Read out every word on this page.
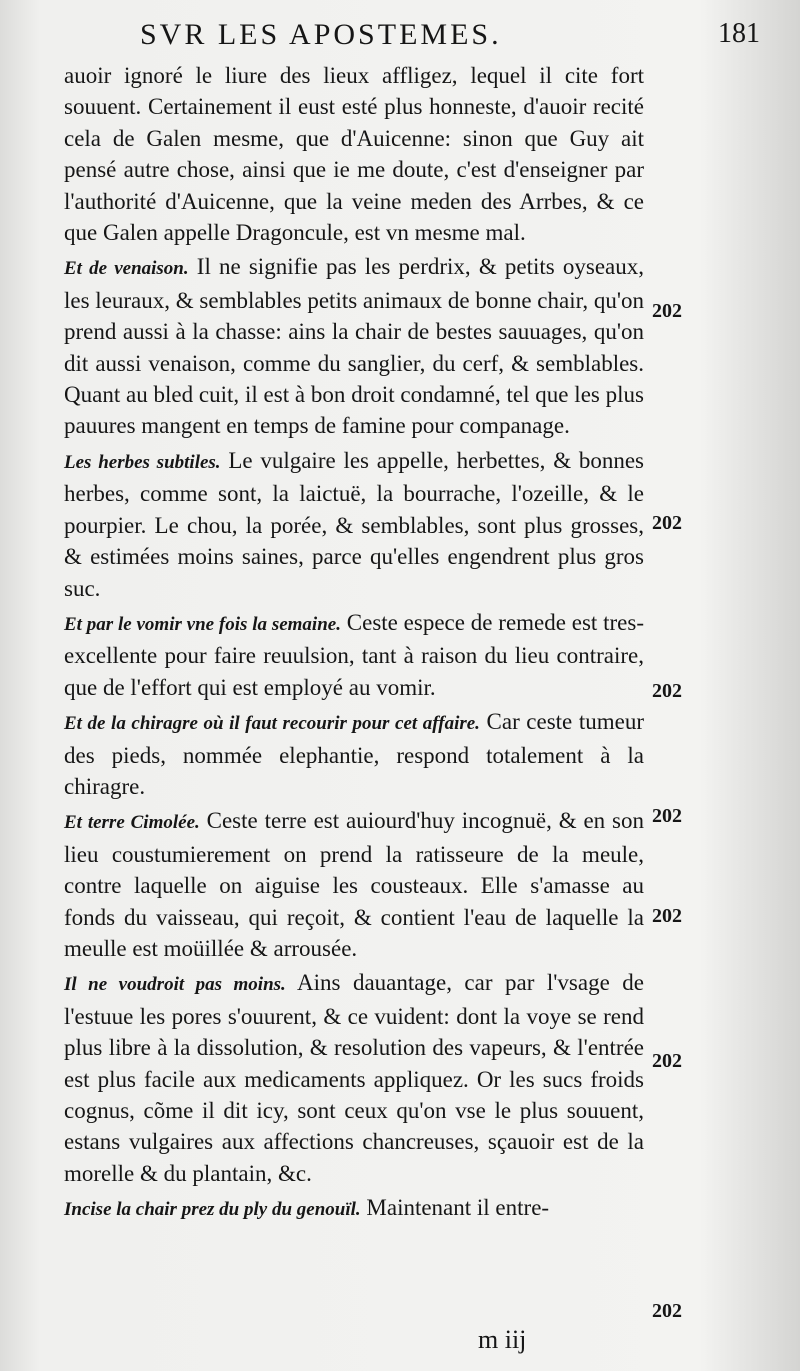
SVR LES APOSTEMES.	181

auoir ignoré le liure des lieux affligez, lequel il cite fort souuent. Certainement il eust esté plus honneste, d'auoir recité cela de Galen mesme, que d'Auicenne: sinon que Guy ait pensé autre chose, ainsi que ie me doute, c'est d'enseigner par l'authorité d'Auicenne, que la veine meden des Arrbes, & ce que Galen appelle Dragoncule, est vn mesme mal.

Et de venaison. Il ne signifie pas les perdrix, & petits oyseaux, les leuraux, & semblables petits animaux de bonne chair, qu'on prend aussi à la chasse: ains la chair de bestes sauuages, qu'on dit aussi venaison, comme du sanglier, du cerf, & semblables. Quant au bled cuit, il est à bon droit condamné, tel que les plus pauures mangent en temps de famine pour companage.

Les herbes subtiles. Le vulgaire les appelle, herbettes, & bonnes herbes, comme sont, la laictuë, la bourrache, l'ozeille, & le pourpier. Le chou, la porée, & semblables, sont plus grosses, & estimées moins saines, parce qu'elles engendrent plus gros suc.

Et par le vomir vne fois la semaine. Ceste espece de remede est tres-excellente pour faire reuulsion, tant à raison du lieu contraire, que de l'effort qui est employé au vomir.

Et de la chiragre où il faut recourir pour cet affaire. Car ceste tumeur des pieds, nommée elephantie, respond totalement à la chiragre.

Et terre Cimolée. Ceste terre est auiourd'huy incognuë, & en son lieu coustumierement on prend la ratisseure de la meule, contre laquelle on aiguise les cousteaux. Elle s'amasse au fonds du vaisseau, qui reçoit, & contient l'eau de laquelle la meulle est moüillée & arrousée.

Il ne voudroit pas moins. Ains dauantage, car par l'vsage de l'estuue les pores s'ouurent, & ce vuident: dont la voye se rend plus libre à la dissolution, & resolution des vapeurs, & l'entrée est plus facile aux medicaments appliquez. Or les sucs froids cognus, cõme il dit icy, sont ceux qu'on vse le plus souuent, estans vulgaires aux affections chancreuses, sçauoir est de la morelle & du plantain, &c.

Incise la chair prez du ply du genouïl. Maintenant il entre-

202
202
202
202
202
202
202
m iij
